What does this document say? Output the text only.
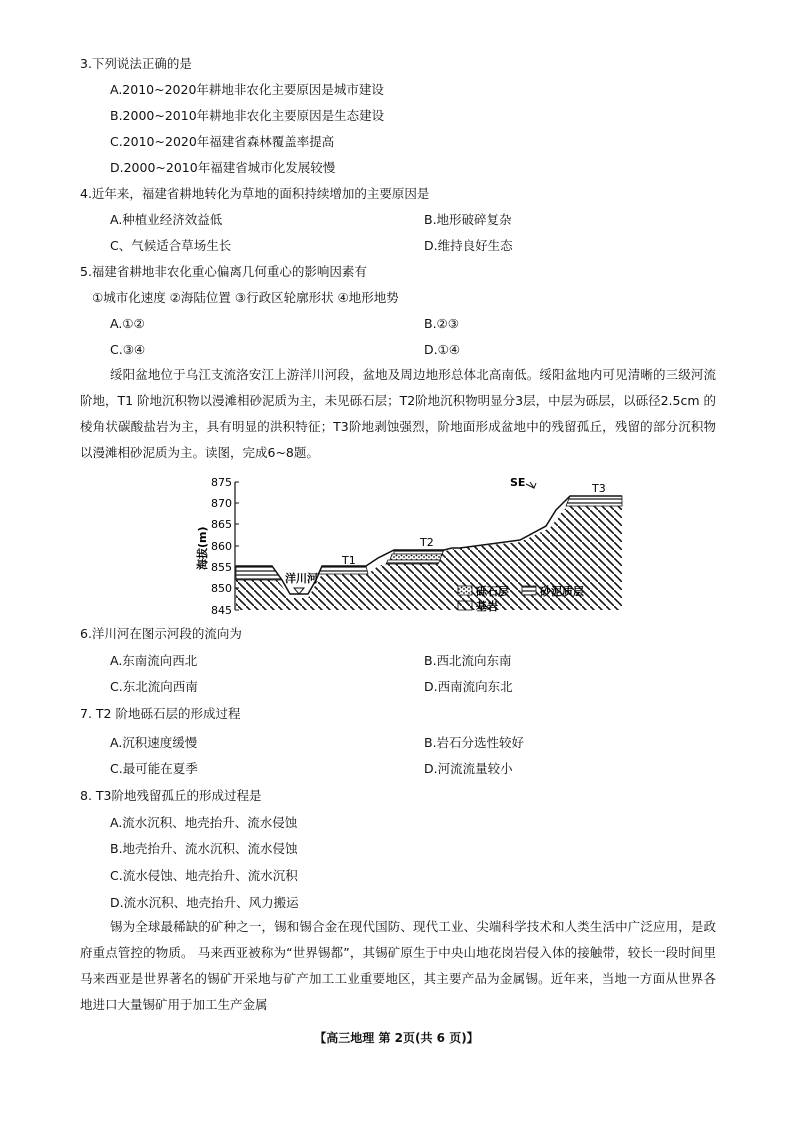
3.下列说法正确的是
A.2010~2020年耕地非农化主要原因是城市建设
B.2000~2010年耕地非农化主要原因是生态建设
C.2010~2020年福建省森林覆盖率提高
D.2000~2010年福建省城市化发展较慢
4.近年来，福建省耕地转化为草地的面积持续增加的主要原因是
A.种植业经济效益低	B.地形破碎复杂
C、气候适合草场生长	D.维持良好生态
5.福建省耕地非农化重心偏离几何重心的影响因素有
①城市化速度 ②海陆位置 ③行政区轮廓形状 ④地形地势
A.①②	B.②③
C.③④	D.①④
绥阳盆地位于乌江支流洛安江上游洋川河段，盆地及周边地形总体北高南低。绥阳盆地内可见清晰的三级河流阶地，T1 阶地沉积物以漫滩相砂泥质为主，未见砾石层；T2阶地沉积物明显分3层，中层为砾层，以砾径2.5cm 的棱角状碳酸盐岩为主，具有明显的洪积特征；T3阶地剥蚀强烈，阶地面形成盆地中的残留孤丘，残留的部分沉积物以漫滩相砂泥质为主。读图，完成6~8题。
875
870
865
860
855
850
845
海拔(m)
洋川河
T1
T2
T3
SE
砾石层	砂泥质层
基岩
6.洋川河在图示河段的流向为
A.东南流向西北	B.西北流向东南
C.东北流向西南	D.西南流向东北
7. T2 阶地砾石层的形成过程
A.沉积速度缓慢	B.岩石分选性较好
C.最可能在夏季	D.河流流量较小
8. T3阶地残留孤丘的形成过程是
A.流水沉积、地壳抬升、流水侵蚀
B.地壳抬升、流水沉积、流水侵蚀
C.流水侵蚀、地壳抬升、流水沉积
D.流水沉积、地壳抬升、风力搬运
锡为全球最稀缺的矿种之一，锡和锡合金在现代国防、现代工业、尖端科学技术和人类生活中广泛应用，是政府重点管控的物质。 马来西亚被称为“世界锡都”，其锡矿原生于中央山地花岗岩侵入体的接触带，较长一段时间里马来西亚是世界著名的锡矿开采地与矿产加工工业重要地区，其主要产品为金属锡。近年来，当地一方面从世界各地进口大量锡矿用于加工生产金属
【高三地理 第 2页(共 6 页)】
